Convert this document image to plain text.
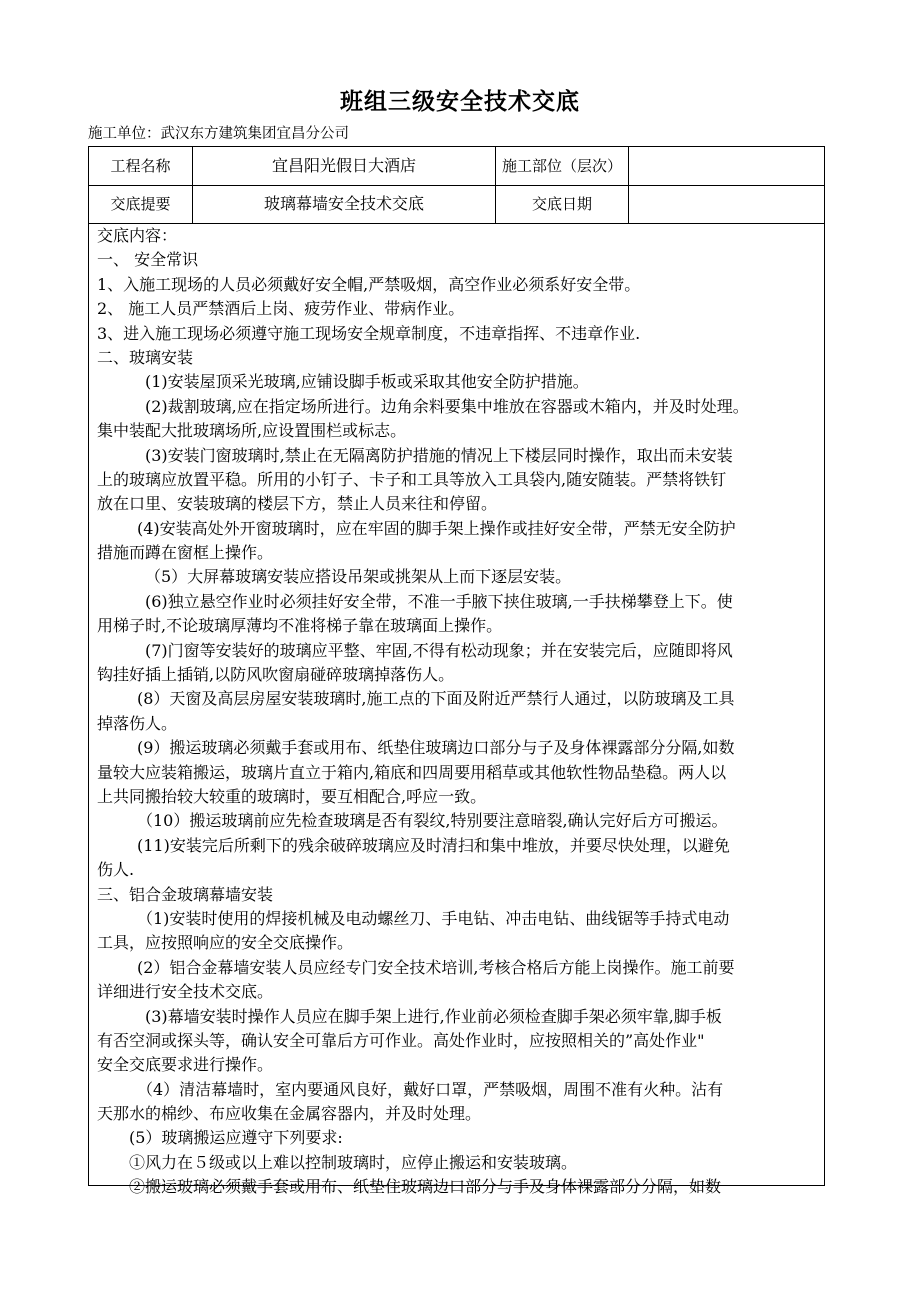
班组三级安全技术交底
施工单位：武汉东方建筑集团宜昌分公司
工程名称	宜昌阳光假日大酒店	施工部位（层次）
交底提要	玻璃幕墙安全技术交底	交底日期
交底内容：
一、 安全常识
1、入施工现场的人员必须戴好安全帽,严禁吸烟，高空作业必须系好安全带。
2、 施工人员严禁酒后上岗、疲劳作业、带病作业。
3、进入施工现场必须遵守施工现场安全规章制度，不违章指挥、不违章作业.
二、玻璃安装
(1)安装屋顶采光玻璃,应铺设脚手板或采取其他安全防护措施。
(2)裁割玻璃,应在指定场所进行。边角余料要集中堆放在容器或木箱内，并及时处理。
集中装配大批玻璃场所,应设置围栏或标志。
(3)安装门窗玻璃时,禁止在无隔离防护措施的情况上下楼层同时操作，取出而未安装
上的玻璃应放置平稳。所用的小钉子、卡子和工具等放入工具袋内,随安随装。严禁将铁钉
放在口里、安装玻璃的楼层下方，禁止人员来往和停留。
(4)安装高处外开窗玻璃时，应在牢固的脚手架上操作或挂好安全带，严禁无安全防护
措施而蹲在窗框上操作。
（5）大屏幕玻璃安装应搭设吊架或挑架从上而下逐层安装。
(6)独立悬空作业时必须挂好安全带，不准一手腋下挟住玻璃,一手扶梯攀登上下。使
用梯子时,不论玻璃厚薄均不准将梯子靠在玻璃面上操作。
(7)门窗等安装好的玻璃应平整、牢固,不得有松动现象；并在安装完后，应随即将风
钩挂好插上插销,以防风吹窗扇碰碎玻璃掉落伤人。
(8）天窗及高层房屋安装玻璃时,施工点的下面及附近严禁行人通过，以防玻璃及工具
掉落伤人。
(9）搬运玻璃必须戴手套或用布、纸垫住玻璃边口部分与子及身体裸露部分分隔,如数
量较大应装箱搬运，玻璃片直立于箱内,箱底和四周要用稻草或其他软性物品垫稳。两人以
上共同搬抬较大较重的玻璃时，要互相配合,呼应一致。
（10）搬运玻璃前应先检查玻璃是否有裂纹,特别要注意暗裂,确认完好后方可搬运。
(11)安装完后所剩下的残余破碎玻璃应及时清扫和集中堆放，并要尽快处理，以避免
伤人.
三、铝合金玻璃幕墙安装
（1)安装时使用的焊接机械及电动螺丝刀、手电钻、冲击电钻、曲线锯等手持式电动
工具，应按照响应的安全交底操作。
(2）铝合金幕墙安装人员应经专门安全技术培训,考核合格后方能上岗操作。施工前要
详细进行安全技术交底。
(3)幕墙安装时操作人员应在脚手架上进行,作业前必须检查脚手架必须牢靠,脚手板
有否空洞或探头等，确认安全可靠后方可作业。高处作业时，应按照相关的”高处作业"
安全交底要求进行操作。
（4）清洁幕墙时，室内要通风良好，戴好口罩，严禁吸烟，周围不准有火种。沾有
天那水的棉纱、布应收集在金属容器内，并及时处理。
(5）玻璃搬运应遵守下列要求:
①风力在５级或以上难以控制玻璃时，应停止搬运和安装玻璃。
②搬运玻璃必须戴手套或用布、纸垫住玻璃边口部分与手及身体裸露部分分隔，如数
